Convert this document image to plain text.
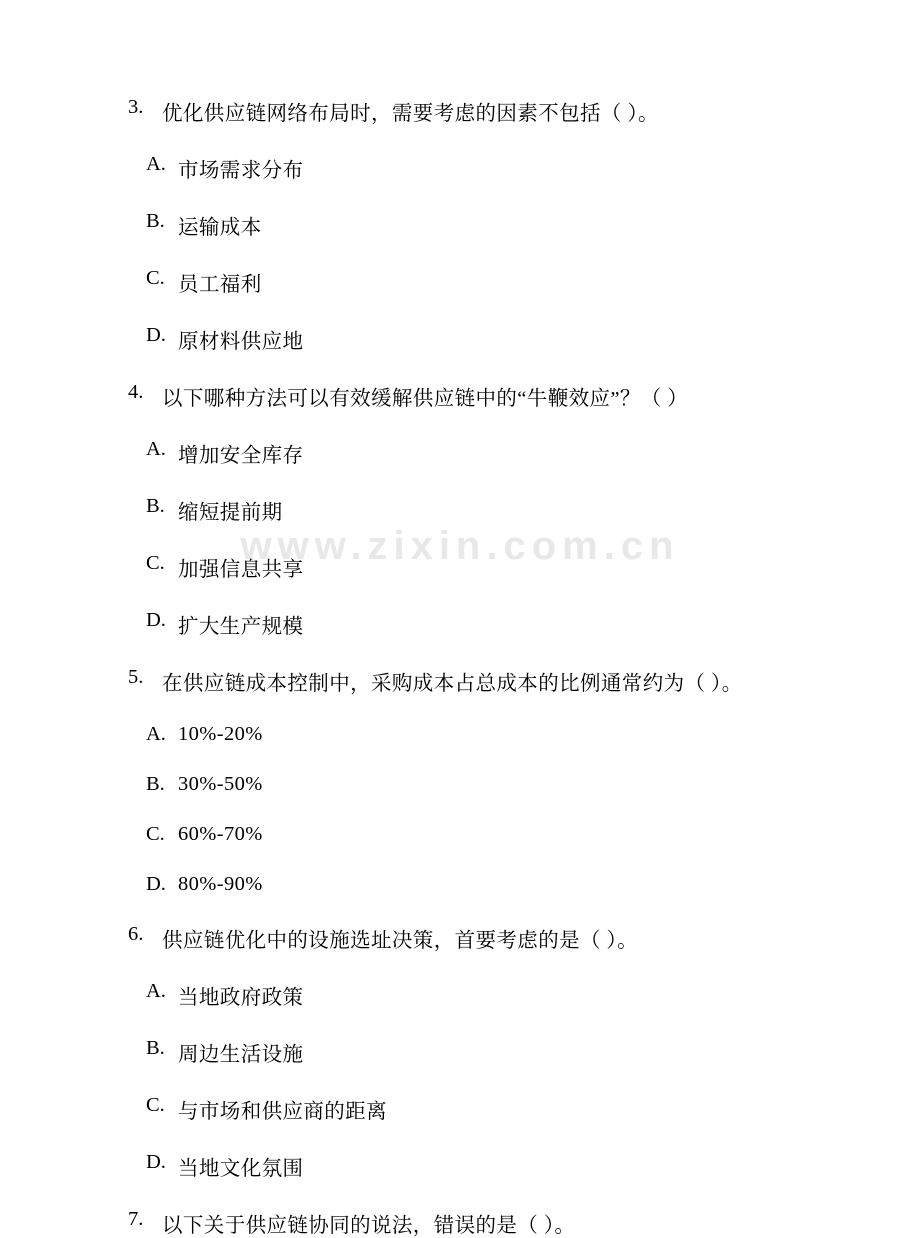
www.zixin.com.cn
3. 优化供应链网络布局时，需要考虑的因素不包括（ ）。
A. 市场需求分布
B. 运输成本
C. 员工福利
D. 原材料供应地
4. 以下哪种方法可以有效缓解供应链中的“牛鞭效应”？（ ）
A. 增加安全库存
B. 缩短提前期
C. 加强信息共享
D. 扩大生产规模
5. 在供应链成本控制中，采购成本占总成本的比例通常约为（ ）。
A. 10%-20%
B. 30%-50%
C. 60%-70%
D. 80%-90%
6. 供应链优化中的设施选址决策，首要考虑的是（ ）。
A. 当地政府政策
B. 周边生活设施
C. 与市场和供应商的距离
D. 当地文化氛围
7. 以下关于供应链协同的说法，错误的是（ ）。
